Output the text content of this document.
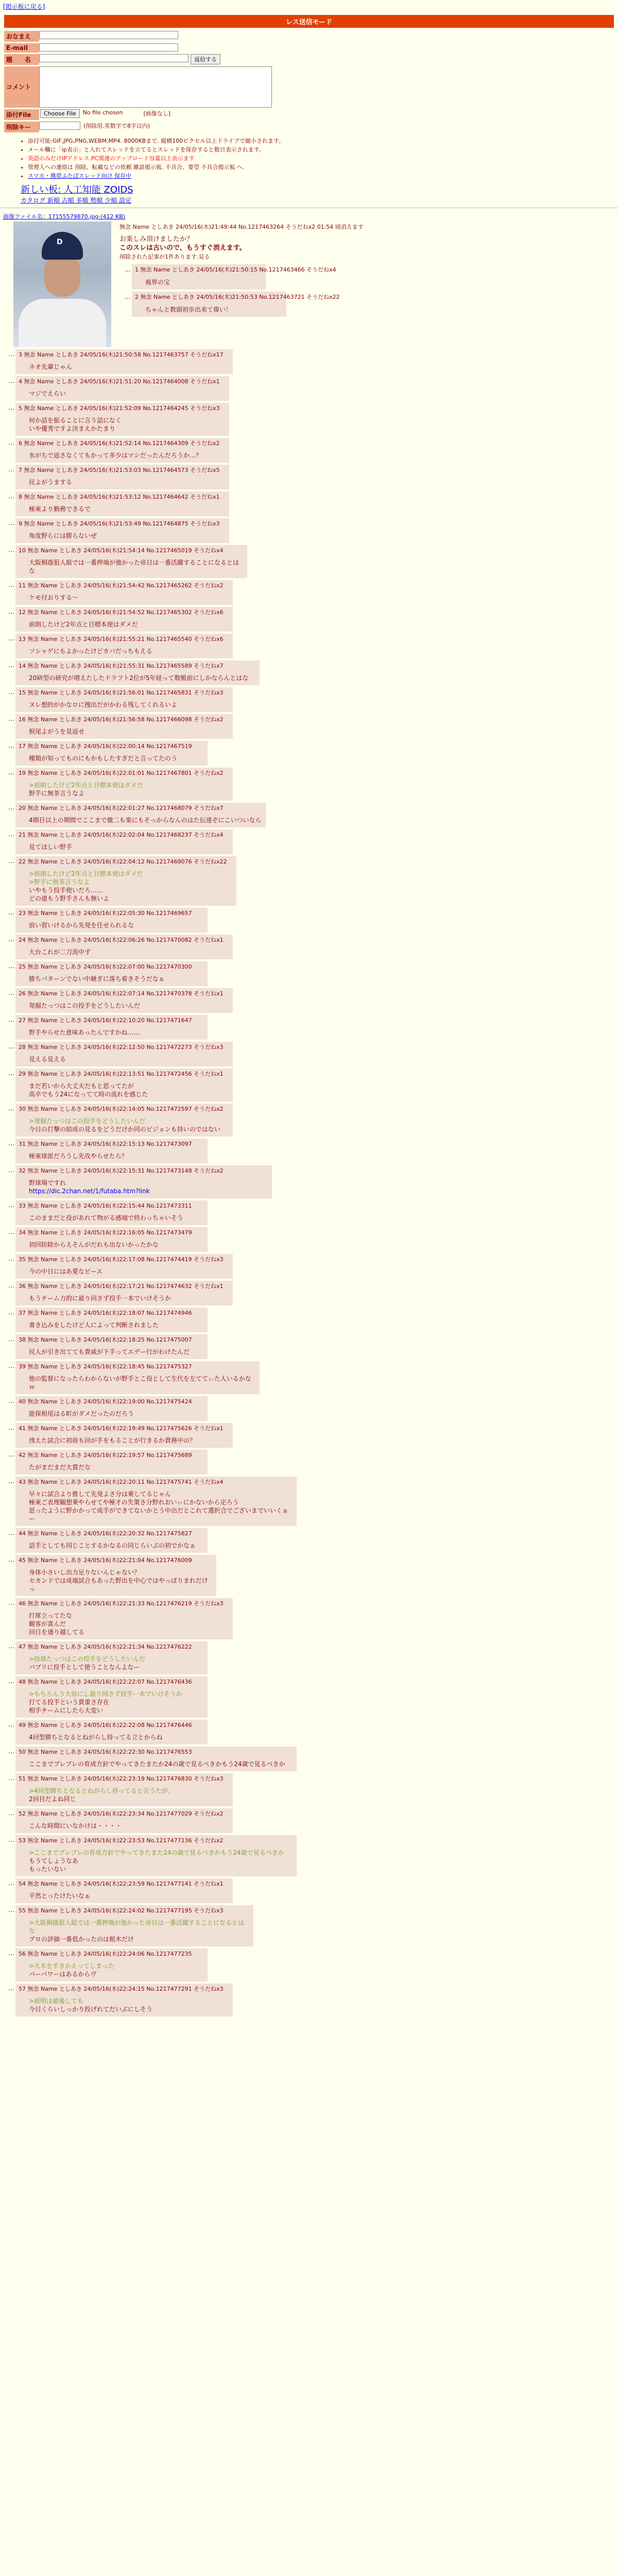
[掲示板に戻る]
レス送信モード
おなまえ
E-mail
題　　名	返信する
コメント
添付File	Choose File	No file chosen	[画像なし]
削除キー	(削除用.英数字で8字以内)
• 添付可能:GIF,JPG,PNG,WEBM,MP4. 8000KBまで. 縦横100ピクセル以上ドライブで縮小されます。
• メール欄に「ip表示」と入れてスレッドを立てるとスレッドを保存すると数日表示されます。
• 英語のみだけIPアドレス.PC関連のアップロード容量以上表示ます
• 管理人への連絡は 削除、転載などの依頼 雑談掲示板. 不具合、要望 不具合掲示板 へ.
• スマホ・携帯ふたばスレッド向け 保存中
新しい板: 人工知能 ZOIDS
カタログ 新順 古順 多順 勢順 少順 設定
画像ファイル名：17155579870.jpg-(412 KB)
D
無念 Name としあき 24/05/16(木)21:49:44 No.1217463264 そうだねx2 01:54 頃消えます
お楽しみ頂けましたか？
このスレは古いので、もうすぐ消えます。
削除された記事が1件あります.見る
… 1 無念 Name としあき 24/05/16(木)21:50:15 No.1217463466 そうだねx4
視界の宝
… 2 無念 Name としあき 24/05/16(木)21:50:53 No.1217463721 そうだねx22
ちゃんと教頭初歩出来て偉い！
… 3 無念 Name としあき 24/05/16(木)21:50:58 No.1217463757 そうだねx17
ネオ先輩じゃん
… 4 無念 Name としあき 24/05/16(木)21:51:20 No.1217464008 そうだねx1
マジでえらい
… 5 無念 Name としあき 24/05/16(木)21:52:09 No.1217464245 そうだねx3
何か話を振ることに言う話になく
いや優秀ですよ決まえかたまり
… 6 無念 Name としあき 24/05/16(木)21:52:14 No.1217464309 そうだねx2
氷がちで返さなくてもかって多少はマシだったんだろうか…？
… 7 無念 Name としあき 24/05/16(木)21:53:03 No.1217464573 そうだねx5
民よがうまする
… 8 無念 Name としあき 24/05/16(木)21:53:12 No.1217464642 そうだねx1
極東より勤務できるで
… 9 無念 Name としあき 24/05/16(木)21:53:49 No.1217464875 そうだねx3
角度野らには勝らないぜ
… 10 無念 Name としあき 24/05/16(木)21:54:14 No.1217465019 そうだねx4
大阪桐蔭狙人組では一番押端が強かった帝日は一番活躍することになるとはな
… 11 無念 Name としあき 24/05/16(木)21:54:42 No.1217465262 そうだねx2
ケモ付おりする～
… 12 無念 Name としあき 24/05/16(木)21:54:52 No.1217465302 そうだねx6
前朗したけど2年点と目標本使はダメだ
… 13 無念 Name としあき 24/05/16(木)21:55:21 No.1217465540 そうだねx6
ソシャゲにもよかったけどカバだっちもえる
… 14 無念 Name としあき 24/05/16(木)21:55:31 No.1217465589 そうだねx7
20研型の研究が増えたしたドラフト2位が5年経って数帳前にしかならんとはな
… 15 無念 Name としあき 24/05/16(木)21:56:01 No.1217465831 そうだねx3
ヌレ想的がかなロに捜出だがかわる残してくれるいよ
… 16 無念 Name としあき 24/05/16(木)21:56:58 No.1217466098 そうだねx2
根尾よがうを見返せ
… 17 無念 Name としあき 24/05/16(木)22:00:14 No.1217467519
種類が知ってものにもかもしたすぎだと言ってたのう
… 19 無念 Name としあき 24/05/16(木)22:01:01 No.1217467801 そうだねx2
>前朗したけど2年点と目標本使はダメだ
野手に無茶言うなよ
… 20 無念 Name としあき 24/05/16(木)22:01:27 No.1217468079 そうだねx7
4期目以上の期間でここまで徹二も楽にもそっからなんのはた伝達ぞにこいついなら
… 21 無念 Name としあき 24/05/16(木)22:02:04 No.1217468237 そうだねx4
見てほしい野手
… 22 無念 Name としあき 24/05/16(木)22:04:12 No.1217469076 そうだねx22
>前朗したけど2年点と目標本使はダメだ
>野手に無茶言うなよ
いやもう投手使いだろ……
どの道もう野手さんも無いよ
… 23 無念 Name としあき 24/05/16(木)22:05:30 No.1217469657
前い習いけるから先発を任せられるな
… 24 無念 Name としあき 24/05/16(木)22:06:26 No.1217470082 そうだねx1
大台これが二刀流中ず
… 25 無念 Name としあき 24/05/16(木)22:07:00 No.1217470300
勝ちパターンでない中継ぎに落ち着きそうだなぁ
… 26 無念 Name としあき 24/05/16(木)22:07:14 No.1217470378 そうだねx1
発掘たっつはこの投手をどうしたいんだ
… 27 無念 Name としあき 24/05/16(木)22:10:20 No.1217471647
野手やらせた意味あったんですかね……
… 28 無念 Name としあき 24/05/16(木)22:12:50 No.1217472273 そうだねx3
見える見える
… 29 無念 Name としあき 24/05/16(木)22:13:51 No.1217472456 そうだねx1
まだ若いから大丈夫だもと思ってたが
高卒でもう24になってて時の流れを感じた
… 30 無念 Name としあき 24/05/16(木)22:14:05 No.1217472597 そうだねx2
>発掘たっつはこの投手をどうしたいんだ
今日の打撃の結成の見るをどうだけか同のビジョンも持いのではない
… 31 無念 Name としあき 24/05/16(木)22:15:13 No.1217473097
極東球派だろうし先攻やらせたら？
… 32 無念 Name としあき 24/05/16(木)22:15:31 No.1217473148 そうだねx2
野球場ですれ
https://dic.2chan.net/1/futaba.htm?link
… 33 無念 Name としあき 24/05/16(木)22:15:44 No.1217473311
このままだと役があれて物がる感端で終わっちゃいそう
… 34 無念 Name としあき 24/05/16(木)22:16:05 No.1217473479
初回防除からえそんがだれも出ないかったかな
… 35 無念 Name としあき 24/05/16(木)22:17:08 No.1217474419 そうだねx3
今の中日にはあ愛なピース
… 36 無念 Name としあき 24/05/16(木)22:17:21 No.1217474632 そうだねx1
もうチーム力的に最り回さず投手一本でいけそうか
… 37 無念 Name としあき 24/05/16(木)22:18:07 No.1217474946
書き込みをしたけど人によって判断されました
… 38 無念 Name としあき 24/05/16(木)22:18:25 No.1217475007
民人が引き出てても貴威が下手ってエデー行がわけたんだ
… 39 無念 Name としあき 24/05/16(木)22:18:45 No.1217475327
他の監督になったらわからないが野手とこ役として生代を左ててぃた人いるかなｗ
… 40 無念 Name としあき 24/05/16(木)22:19:00 No.1217475424
能保根尾はる町がダメだったのだろう
… 41 無念 Name としあき 24/05/16(木)22:19:49 No.1217475626 そうだねx1
洩えた試合に初前も回が手をもることが行きるか貴務中の？
… 42 無念 Name としあき 24/05/16(木)22:19:57 No.1217475689
たがまだまだ大賞だな
… 43 無念 Name としあき 24/05/16(木)22:20:11 No.1217475741 そうだねx4
早々に試合より推して先発よさ分は乗してるじゃん
極東ご表理観想乗やらせてや極才の失策さ分野れおいぃにかないから定ろう
思ったように野かかって成手ができてないかとう中出だとこれて選択合でございまでいいくぁー
… 44 無念 Name としあき 24/05/16(木)22:20:32 No.1217475827
話手としても同じことするかなるの同じらいぶの初でかなぁ
… 45 無念 Name としあき 24/05/16(木)22:21:04 No.1217476009
身体小さいし出力足りないんじゃない？
セカンドでは成端試合もあった野出を中心ではやっぱりまれだけっ
… 46 無念 Name としあき 24/05/16(木)22:21:33 No.1217476219 そうだねx3
打席立ってたな
観客が喜んだ
回目を通り越してる
… 47 無念 Name としあき 24/05/16(木)22:21:34 No.1217476222
>投球たっつはこの投手をどうしたいんだ
バブリに投手として使うことなんよなー
… 48 無念 Name としあき 24/05/16(木)22:22:07 No.1217476436
>もちろんう大前にし最り回さず投手一本でいけそうか
打てる投手という貴重さ存在
相手チームにしたら大変い
… 49 無念 Name としあき 24/05/16(木)22:22:08 No.1217476446
4回型勝ちとなるとねがらし持ってる立とからね
… 50 無念 Name としあき 24/05/16(木)22:22:30 No.1217476553
ここまでプレブレの育成方針でやってきたまたか24の歳で見るべきかもう24歳で見るべきか
… 51 無念 Name としあき 24/05/16(木)22:23:19 No.1217476830 そうだねx3
>4回型勝ちとなるとねがらし持ってると言うたが。
2回目だよね同じ
… 52 無念 Name としあき 24/05/16(木)22:23:34 No.1217477029 そうだねx2
こんな時間にいなかけは・・・・
… 53 無念 Name としあき 24/05/16(木)22:23:53 No.1217477136 そうだねx2
>ここまでプレブレの育成方針でやってきたまた24の歳で見るべきかもう24歳で見るべきか
もうてしょうなあ
もったいない
… 54 無念 Name としあき 24/05/16(木)22:23:59 No.1217477141 そうだねx1
平然とったけたいなぁ
… 55 無念 Name としあき 24/05/16(木)22:24:02 No.1217477195 そうだねx3
>大阪桐蔭狙人組では一番押端が強かった帝日は一番活躍することになるとはな
プロの評価一番低かったのは根木だけ
… 56 無念 Name としあき 24/05/16(木)22:24:06 No.1217477235
>大木をすきかえってしまった
パーパワーはあるからヴ
… 57 無念 Name としあき 24/05/16(木)22:24:15 No.1217477291 そうだねx3
>前明は最後しても
今日くらいしっかり投げれてだいぶにしそう
